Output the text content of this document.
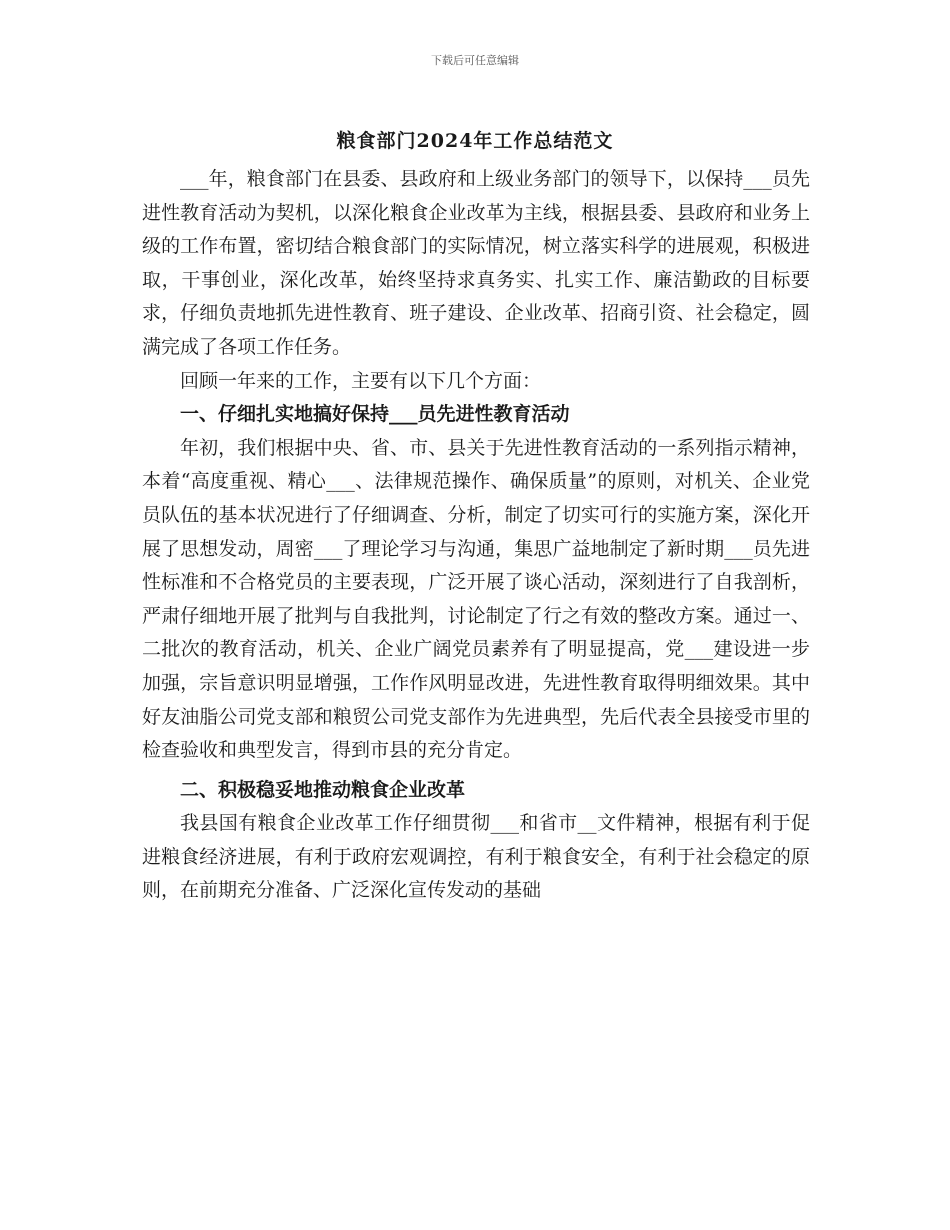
下载后可任意编辑
粮食部门2024年工作总结范文

___年，粮食部门在县委、县政府和上级业务部门的领导下，以保持___员先进性教育活动为契机，以深化粮食企业改革为主线，根据县委、县政府和业务上级的工作布置，密切结合粮食部门的实际情况，树立落实科学的进展观，积极进取，干事创业，深化改革，始终坚持求真务实、扎实工作、廉洁勤政的目标要求，仔细负责地抓先进性教育、班子建设、企业改革、招商引资、社会稳定，圆满完成了各项工作任务。

回顾一年来的工作，主要有以下几个方面：

一、仔细扎实地搞好保持___员先进性教育活动

年初，我们根据中央、省、市、县关于先进性教育活动的一系列指示精神，本着“高度重视、精心___、法律规范操作、确保质量”的原则，对机关、企业党员队伍的基本状况进行了仔细调查、分析，制定了切实可行的实施方案，深化开展了思想发动，周密___了理论学习与沟通，集思广益地制定了新时期___员先进性标准和不合格党员的主要表现，广泛开展了谈心活动，深刻进行了自我剖析，严肃仔细地开展了批判与自我批判，讨论制定了行之有效的整改方案。通过一、二批次的教育活动，机关、企业广阔党员素养有了明显提高，党___建设进一步加强，宗旨意识明显增强，工作作风明显改进，先进性教育取得明细效果。其中好友油脂公司党支部和粮贸公司党支部作为先进典型，先后代表全县接受市里的检查验收和典型发言，得到市县的充分肯定。

二、积极稳妥地推动粮食企业改革

我县国有粮食企业改革工作仔细贯彻___和省市__文件精神，根据有利于促进粮食经济进展，有利于政府宏观调控，有利于粮食安全，有利于社会稳定的原则，在前期充分准备、广泛深化宣传发动的基础
